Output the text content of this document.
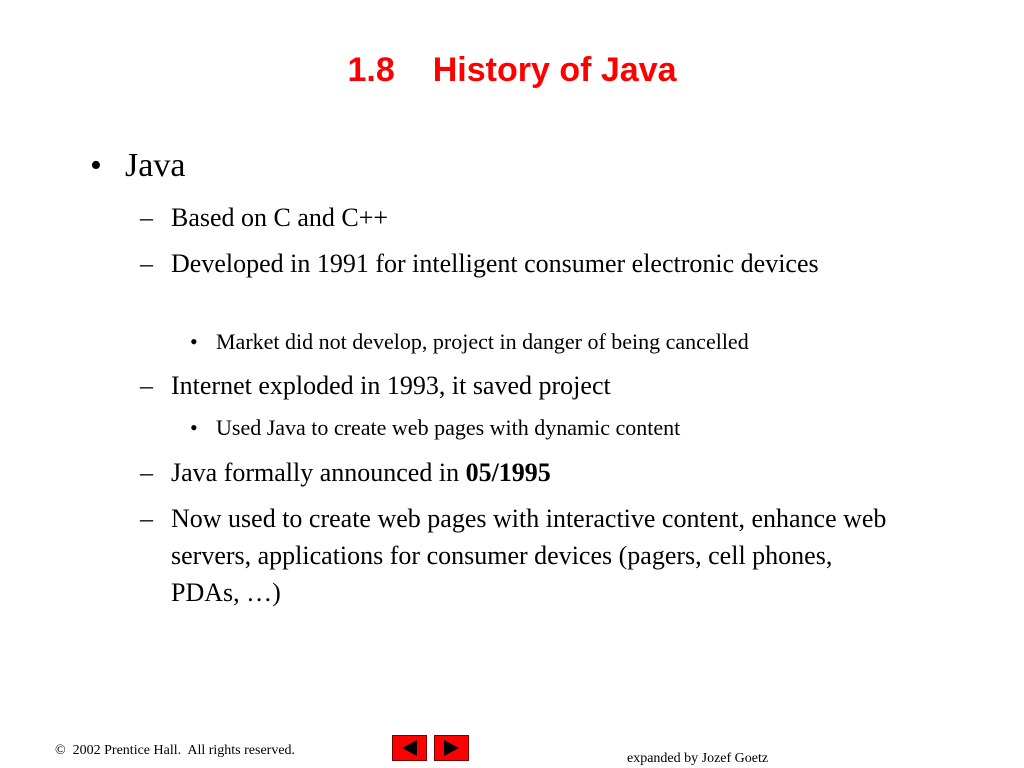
1.8 History of Java
• Java
– Based on C and C++
– Developed in 1991 for intelligent consumer electronic devices
• Market did not develop, project in danger of being cancelled
– Internet exploded in 1993, it saved project
• Used Java to create web pages with dynamic content
– Java formally announced in 05/1995
– Now used to create web pages with interactive content, enhance web servers, applications for consumer devices (pagers, cell phones, PDAs, …)
©  2002 Prentice Hall.  All rights reserved.
expanded by Jozef Goetz
